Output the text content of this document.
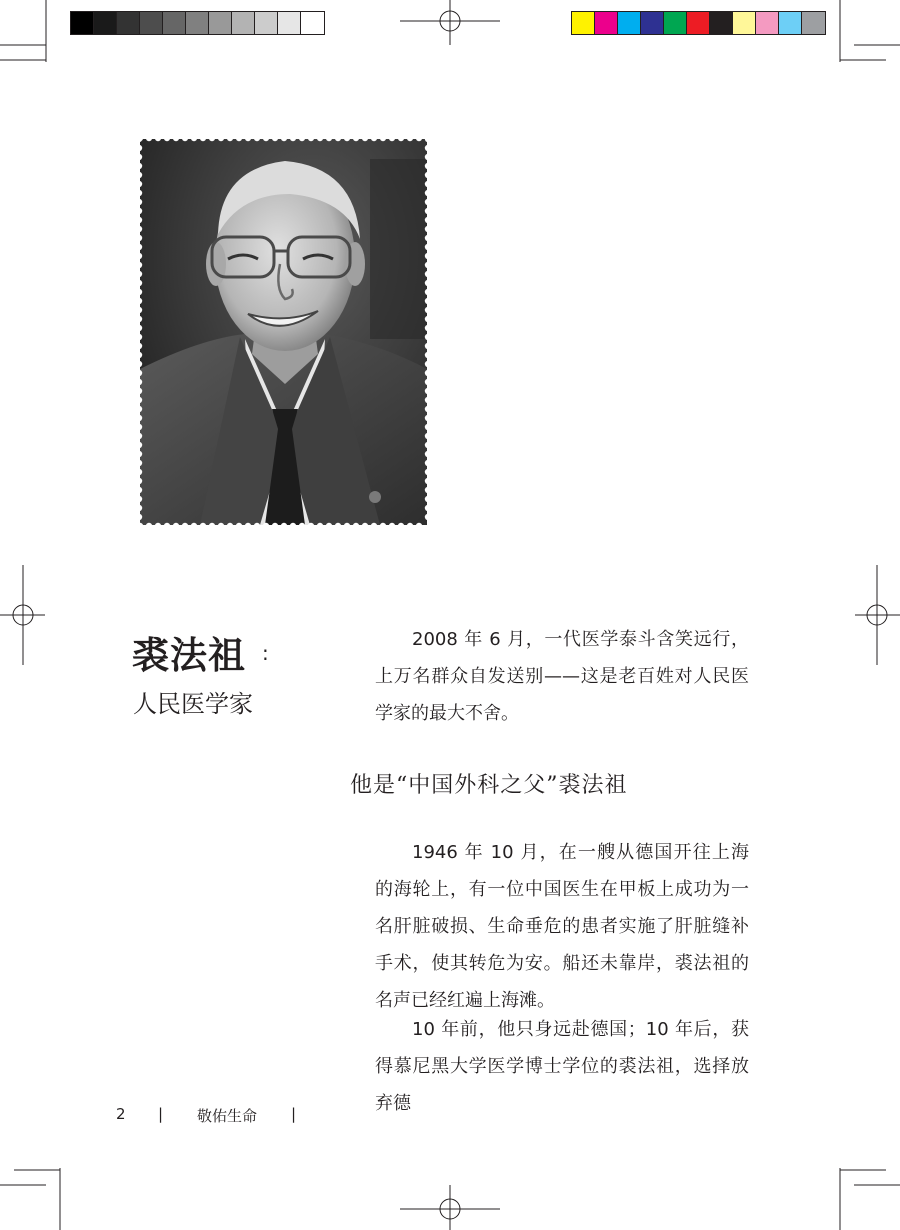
裘法祖 :
人民医学家

2008 年 6 月，一代医学泰斗含笑远行，上万名群众自发送别——这是老百姓对人民医学家的最大不舍。

他是“中国外科之父”裘法祖

1946 年 10 月，在一艘从德国开往上海的海轮上，有一位中国医生在甲板上成功为一名肝脏破损、生命垂危的患者实施了肝脏缝补手术，使其转危为安。船还未靠岸，裘法祖的名声已经红遍上海滩。

10 年前，他只身远赴德国；10 年后，获得慕尼黑大学医学博士学位的裘法祖，选择放弃德

2 | 敬佑生命 |
